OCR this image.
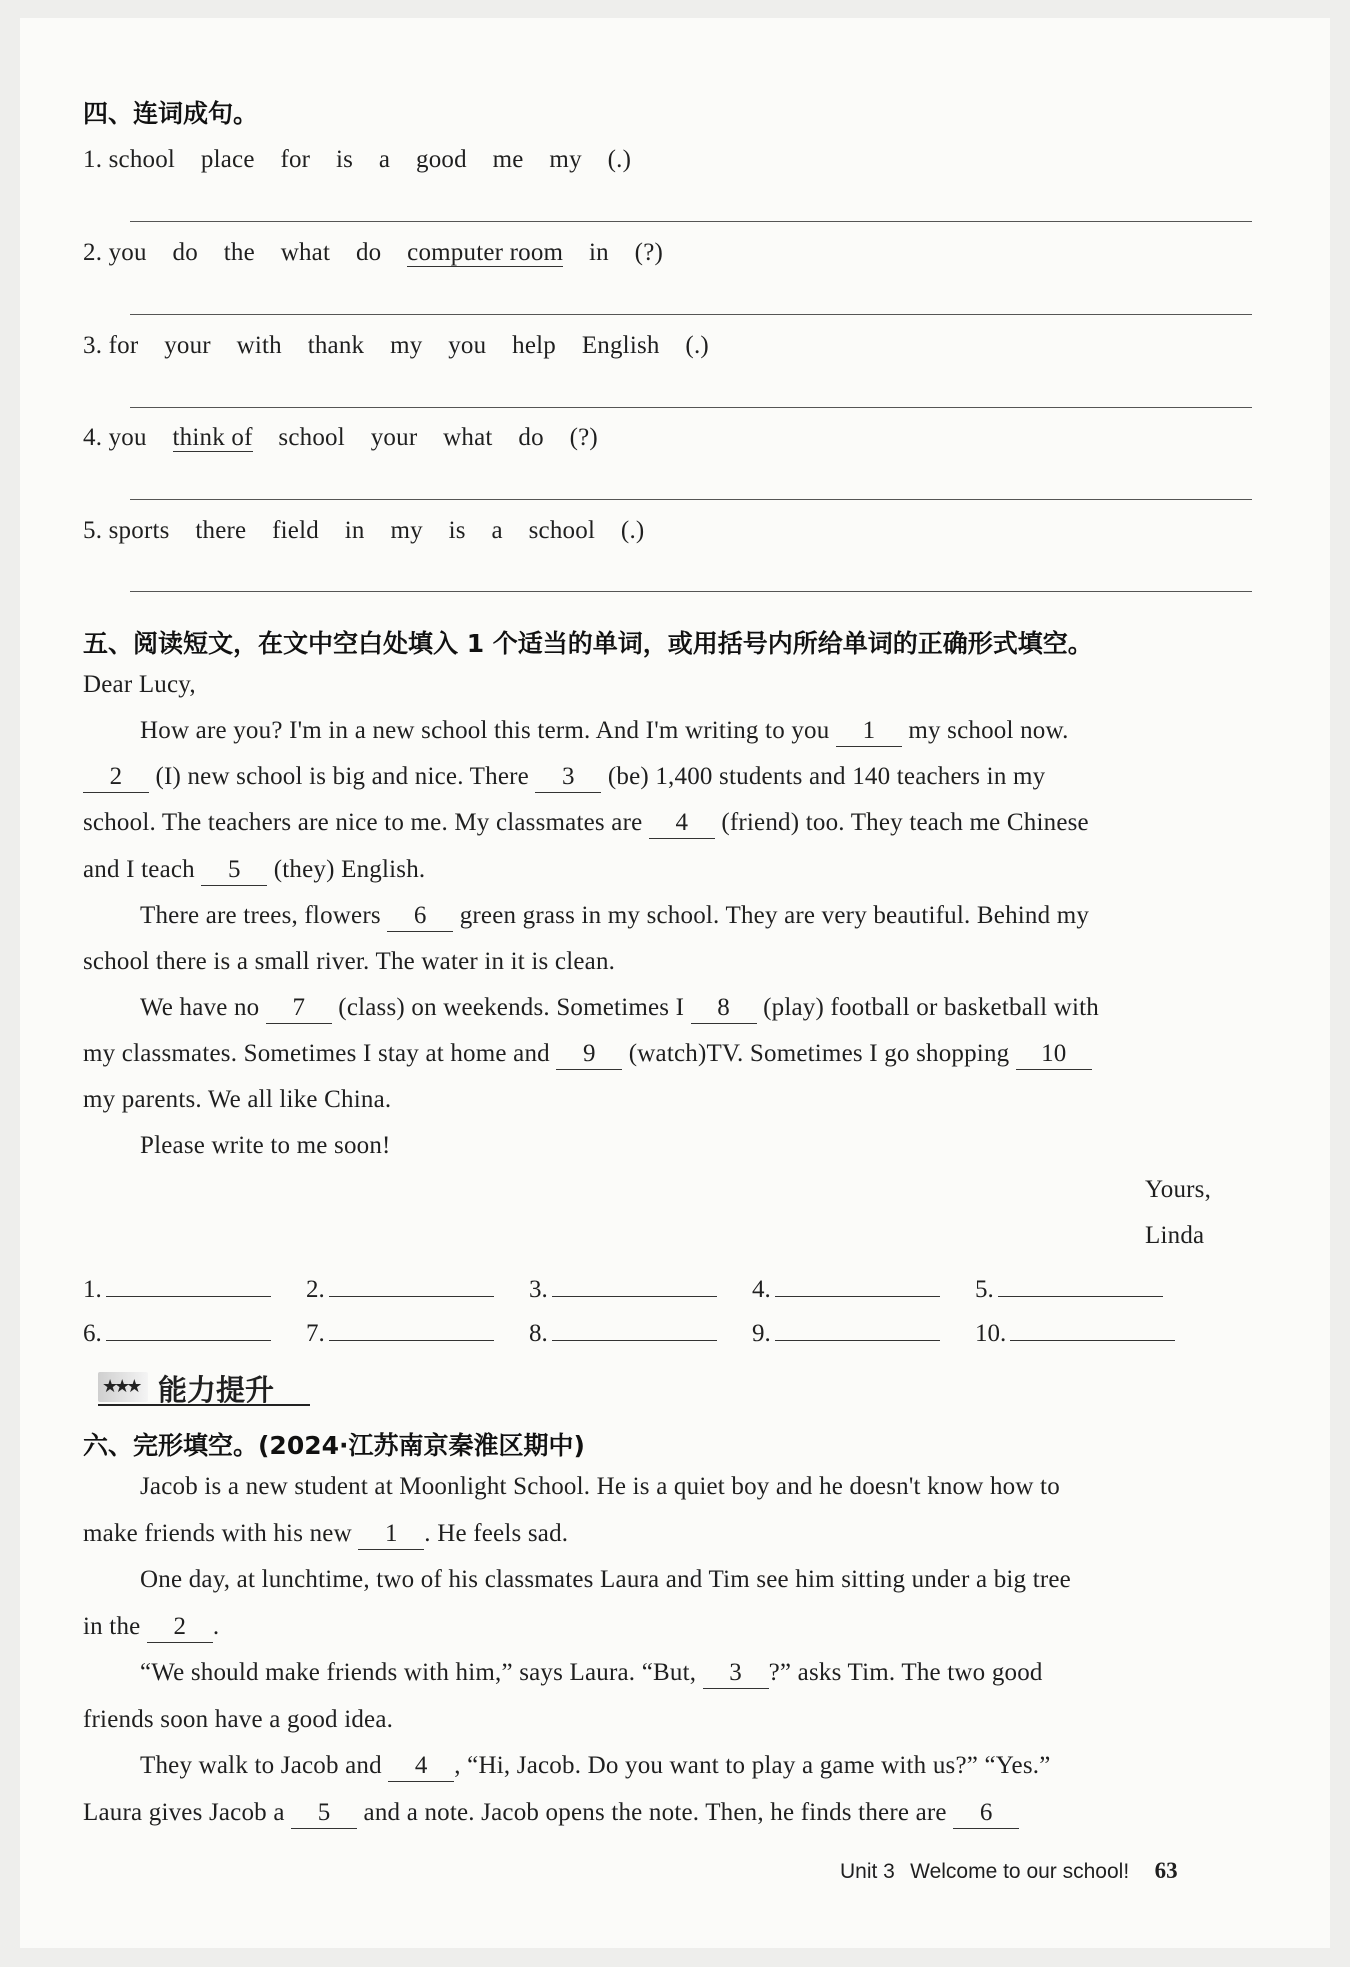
四、连词成句。
1. school place for is a good me my (.)
2. you do the what do computer room in (?)
3. for your with thank my you help English (.)
4. you think of school your what do (?)
5. sports there field in my is a school (.)
五、阅读短文，在文中空白处填入 1 个适当的单词，或用括号内所给单词的正确形式填空。
Dear Lucy,
How are you? I'm in a new school this term. And I'm writing to you 1 my school now.
2 (I) new school is big and nice. There 3 (be) 1,400 students and 140 teachers in my
school. The teachers are nice to me. My classmates are 4 (friend) too. They teach me Chinese
and I teach 5 (they) English.
There are trees, flowers 6 green grass in my school. They are very beautiful. Behind my
school there is a small river. The water in it is clean.
We have no 7 (class) on weekends. Sometimes I 8 (play) football or basketball with
my classmates. Sometimes I stay at home and 9 (watch)TV. Sometimes I go shopping 10
my parents. We all like China.
Please write to me soon!
Yours,
Linda
1.	2.	3.	4.	5.
6.	7.	8.	9.	10.
★★★ 能力提升
六、完形填空。(2024·江苏南京秦淮区期中)
Jacob is a new student at Moonlight School. He is a quiet boy and he doesn't know how to
make friends with his new 1 . He feels sad.
One day, at lunchtime, two of his classmates Laura and Tim see him sitting under a big tree
in the 2 .
“We should make friends with him,” says Laura. “But, 3 ?” asks Tim. The two good
friends soon have a good idea.
They walk to Jacob and 4 , “Hi, Jacob. Do you want to play a game with us?” “Yes.”
Laura gives Jacob a 5 and a note. Jacob opens the note. Then, he finds there are 6
Unit 3 Welcome to our school! 63
